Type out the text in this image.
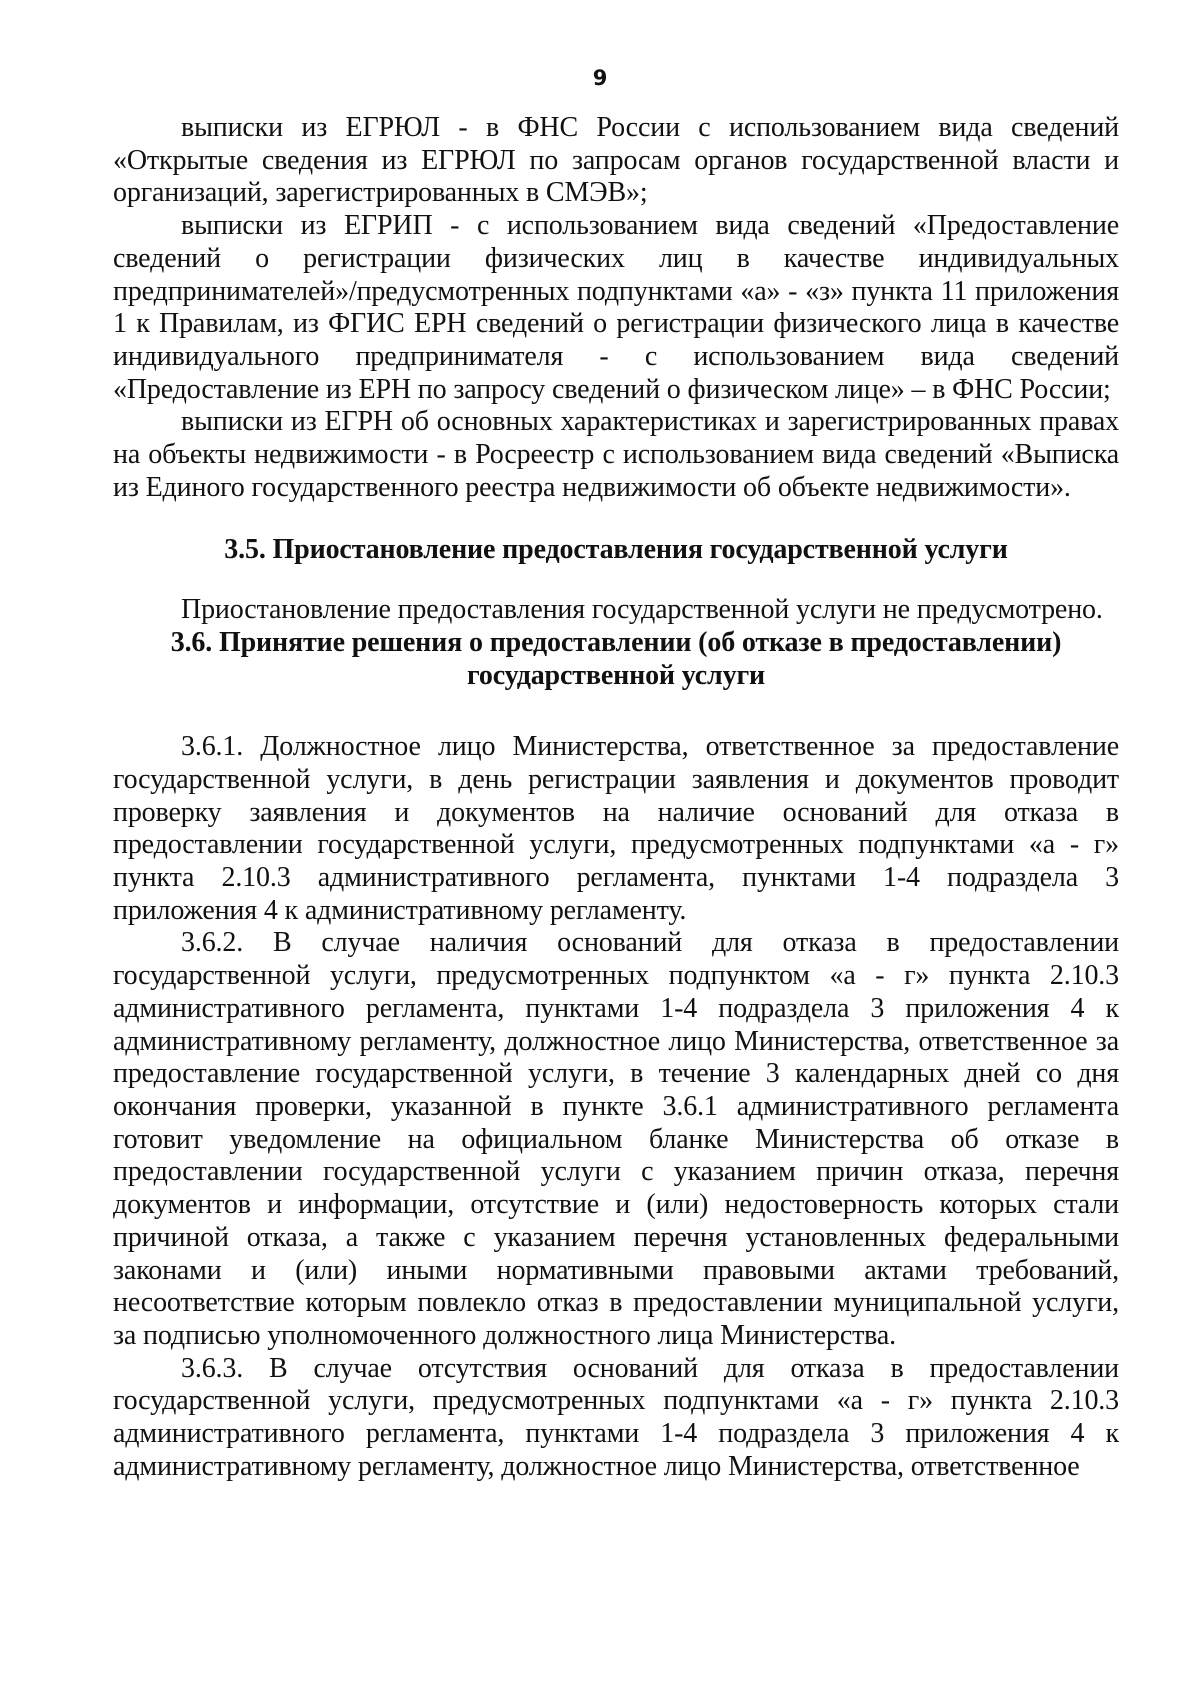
9

выписки из ЕГРЮЛ - в ФНС России с использованием вида сведений «Открытые сведения из ЕГРЮЛ по запросам органов государственной власти и организаций, зарегистрированных в СМЭВ»;

выписки из ЕГРИП - с использованием вида сведений «Предоставление сведений о регистрации физических лиц в качестве индивидуальных предпринимателей»/предусмотренных подпунктами «а» - «з» пункта 11 приложения 1 к Правилам, из ФГИС ЕРН сведений о регистрации физического лица в качестве индивидуального предпринимателя - с использованием вида сведений «Предоставление из ЕРН по запросу сведений о физическом лице» – в ФНС России;

выписки из ЕГРН об основных характеристиках и зарегистрированных правах на объекты недвижимости - в Росреестр с использованием вида сведений «Выписка из Единого государственного реестра недвижимости об объекте недвижимости».

3.5. Приостановление предоставления государственной услуги

Приостановление предоставления государственной услуги не предусмотрено.

3.6. Принятие решения о предоставлении (об отказе в предоставлении)
государственной услуги

3.6.1. Должностное лицо Министерства, ответственное за предоставление государственной услуги, в день регистрации заявления и документов проводит проверку заявления и документов на наличие оснований для отказа в предоставлении государственной услуги, предусмотренных подпунктами «а - г» пункта 2.10.3 административного регламента, пунктами 1-4 подраздела 3 приложения 4 к административному регламенту.

3.6.2. В случае наличия оснований для отказа в предоставлении государственной услуги, предусмотренных подпунктом «а - г» пункта 2.10.3 административного регламента, пунктами 1-4 подраздела 3 приложения 4 к административному регламенту, должностное лицо Министерства, ответственное за предоставление государственной услуги, в течение 3 календарных дней со дня окончания проверки, указанной в пункте 3.6.1 административного регламента готовит уведомление на официальном бланке Министерства об отказе в предоставлении государственной услуги с указанием причин отказа, перечня документов и информации, отсутствие и (или) недостоверность которых стали причиной отказа, а также с указанием перечня установленных федеральными законами и (или) иными нормативными правовыми актами требований, несоответствие которым повлекло отказ в предоставлении муниципальной услуги, за подписью уполномоченного должностного лица Министерства.

3.6.3. В случае отсутствия оснований для отказа в предоставлении государственной услуги, предусмотренных подпунктами «а - г» пункта 2.10.3 административного регламента, пунктами 1-4 подраздела 3 приложения 4 к административному регламенту, должностное лицо Министерства, ответственное
